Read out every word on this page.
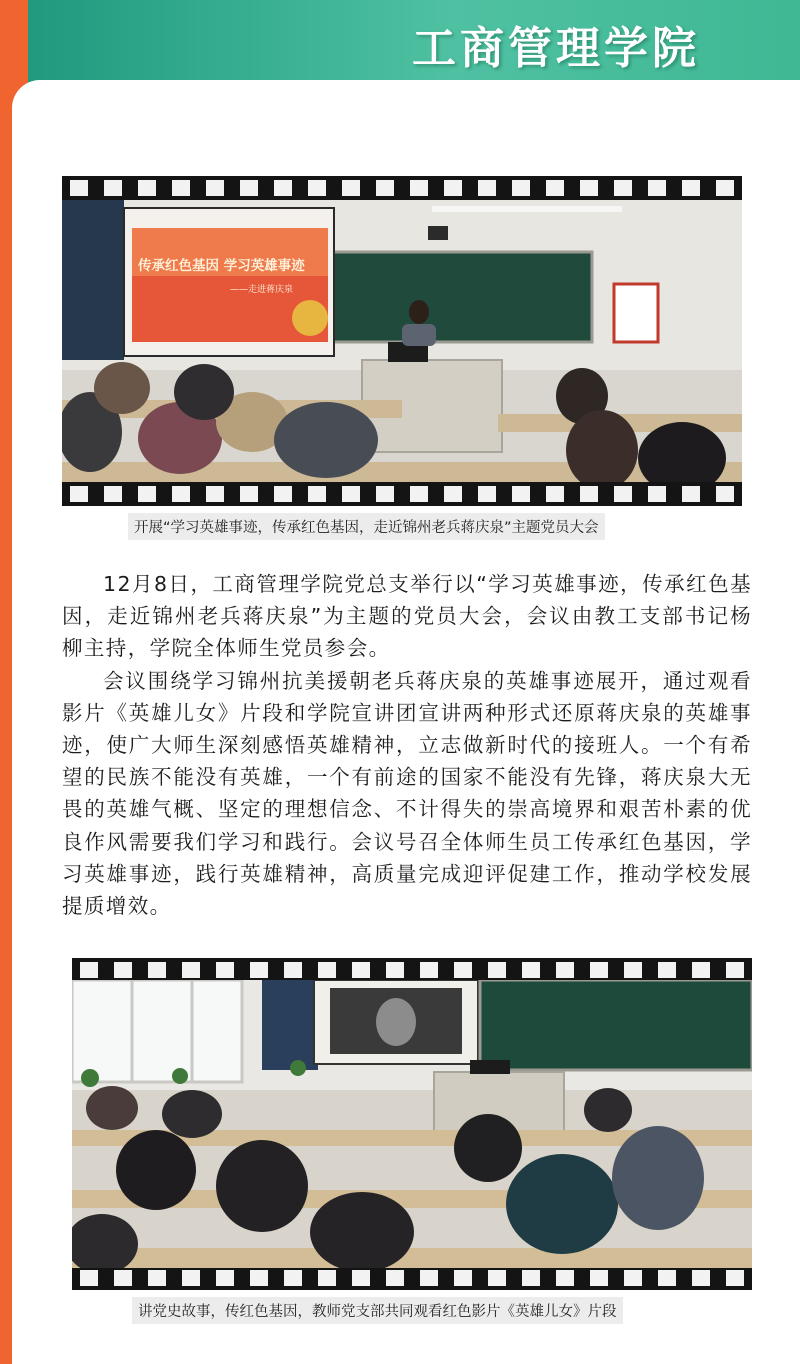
工商管理学院
传承红色基因 学习英雄事迹
——走进蒋庆泉
开展“学习英雄事迹，传承红色基因，走近锦州老兵蒋庆泉”主题党员大会

12月8日，工商管理学院党总支举行以“学习英雄事迹，传承红色基因，走近锦州老兵蒋庆泉”为主题的党员大会，会议由教工支部书记杨柳主持，学院全体师生党员参会。

会议围绕学习锦州抗美援朝老兵蒋庆泉的英雄事迹展开，通过观看影片《英雄儿女》片段和学院宣讲团宣讲两种形式还原蒋庆泉的英雄事迹，使广大师生深刻感悟英雄精神，立志做新时代的接班人。一个有希望的民族不能没有英雄，一个有前途的国家不能没有先锋，蒋庆泉大无畏的英雄气概、坚定的理想信念、不计得失的崇高境界和艰苦朴素的优良作风需要我们学习和践行。会议号召全体师生员工传承红色基因，学习英雄事迹，践行英雄精神，高质量完成迎评促建工作，推动学校发展提质增效。

讲党史故事，传红色基因，教师党支部共同观看红色影片《英雄儿女》片段
